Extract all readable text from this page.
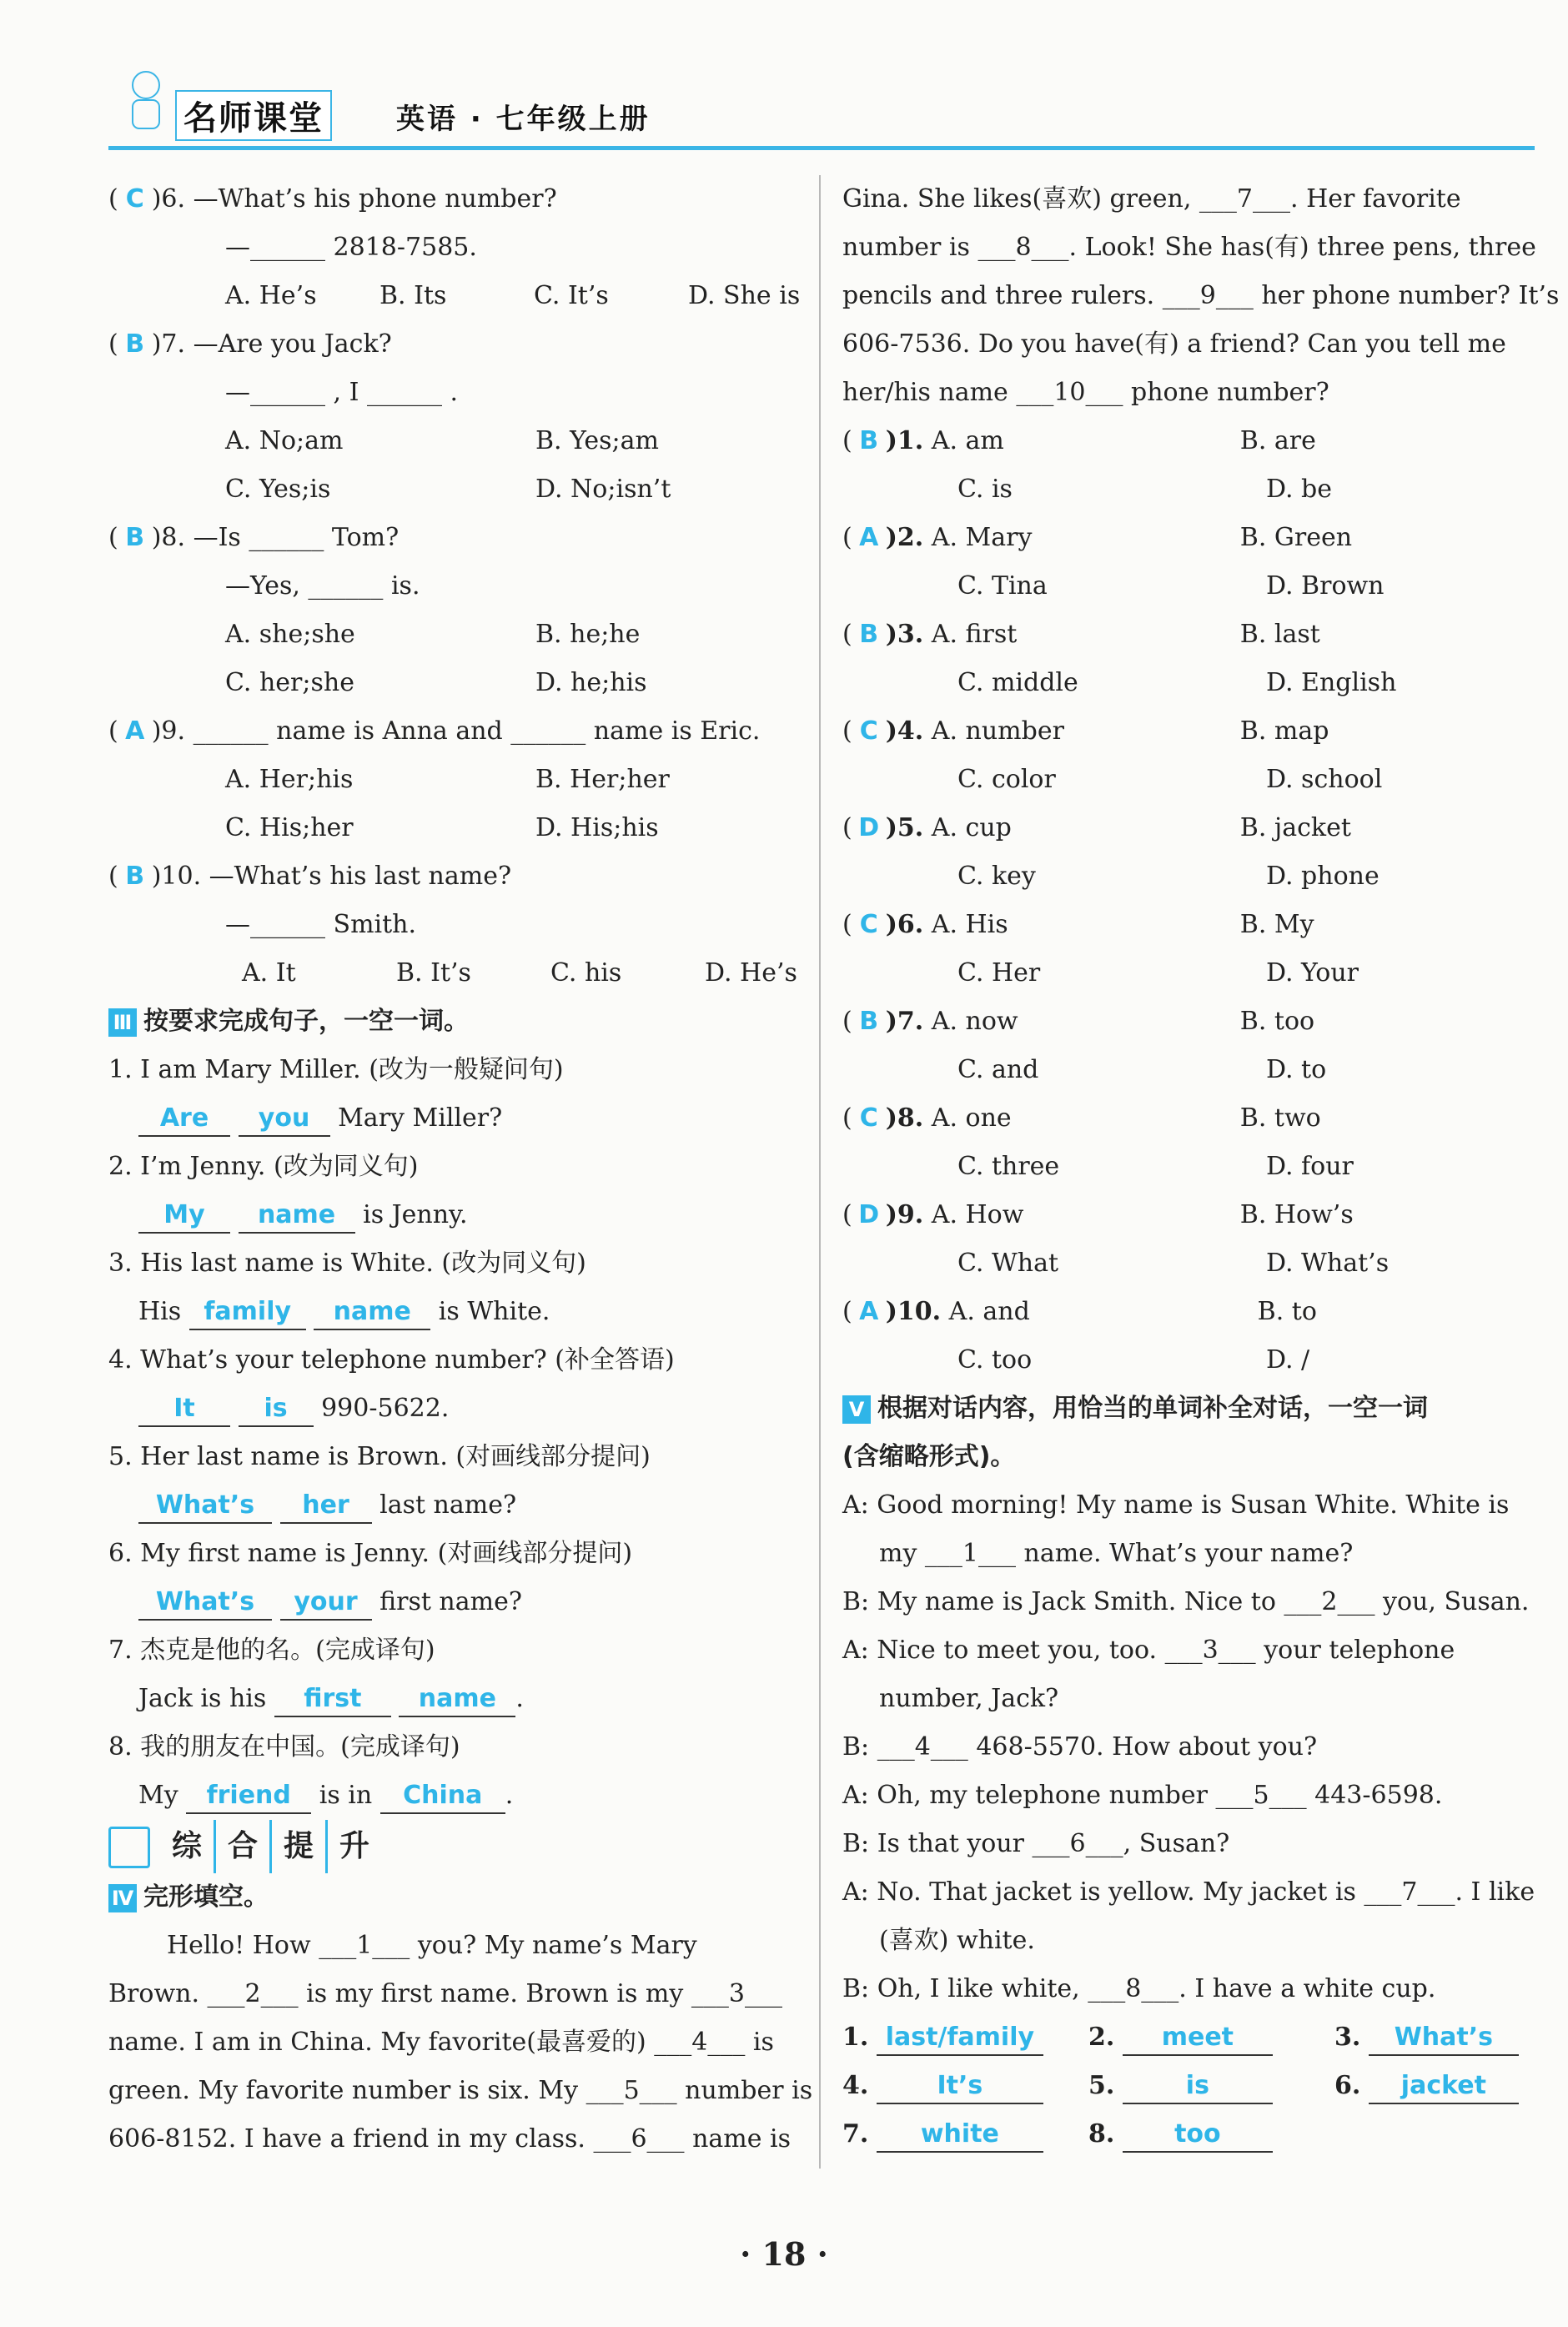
名师课堂	英语 · 七年级上册
( C )6. —What’s his phone number?
—______ 2818-7585.
A. He’s	B. Its	C. It’s	D. She is
( B )7. —Are you Jack?
—______ , I ______ .
A. No;am	B. Yes;am
C. Yes;is	D. No;isn’t
( B )8. —Is ______ Tom?
—Yes, ______ is.
A. she;she	B. he;he
C. her;she	D. he;his
( A )9. ______ name is Anna and ______ name is Eric.
A. Her;his	B. Her;her
C. His;her	D. His;his
( B )10. —What’s his last name?
—______ Smith.
A. It	B. It’s	C. his	D. He’s
Ⅲ 按要求完成句子，一空一词。
1. I am Mary Miller. (改为一般疑问句)
Are you Mary Miller?
2. I’m Jenny. (改为同义句)
My name is Jenny.
3. His last name is White. (改为同义句)
His family name is White.
4. What’s your telephone number? (补全答语)
It	is 990-5622.
5. Her last name is Brown. (对画线部分提问)
What’s her last name?
6. My first name is Jenny. (对画线部分提问)
What’s your first name?
7. 杰克是他的名。(完成译句)
Jack is his first name .
8. 我的朋友在中国。(完成译句)
My friend is in China .
综 合 提 升
Ⅳ 完形填空。
Hello! How ___1___ you? My name’s Mary
Brown. ___2___ is my first name. Brown is my ___3___
name. I am in China. My favorite(最喜爱的) ___4___ is
green. My favorite number is six. My ___5___ number is
606-8152. I have a friend in my class. ___6___ name is
Gina. She likes(喜欢) green, ___7___. Her favorite
number is ___8___. Look! She has(有) three pens, three
pencils and three rulers. ___9___ her phone number? It’s
606-7536. Do you have(有) a friend? Can you tell me
her/his name ___10___ phone number?
( B )1. A. am	B. are
C. is	D. be
( A )2. A. Mary	B. Green
C. Tina	D. Brown
( B )3. A. first	B. last
C. middle	D. English
( C )4. A. number	B. map
C. color	D. school
( D )5. A. cup	B. jacket
C. key	D. phone
( C )6. A. His	B. My
C. Her	D. Your
( B )7. A. now	B. too
C. and	D. to
( C )8. A. one	B. two
C. three	D. four
( D )9. A. How	B. How’s
C. What	D. What’s
( A )10. A. and	B. to
C. too	D. /
Ⅴ 根据对话内容，用恰当的单词补全对话，一空一词
(含缩略形式)。
A: Good morning! My name is Susan White. White is
my ___1___ name. What’s your name?
B: My name is Jack Smith. Nice to ___2___ you, Susan.
A: Nice to meet you, too. ___3___ your telephone
number, Jack?
B: ___4___ 468-5570. How about you?
A: Oh, my telephone number ___5___ 443-6598.
B: Is that your ___6___, Susan?
A: No. That jacket is yellow. My jacket is ___7___. I like
(喜欢) white.
B: Oh, I like white, ___8___. I have a white cup.
1. last/family 2. meet	3. What’s
4.	It’s	5.	is	6. jacket
7. white	8. too
· 18 ·
